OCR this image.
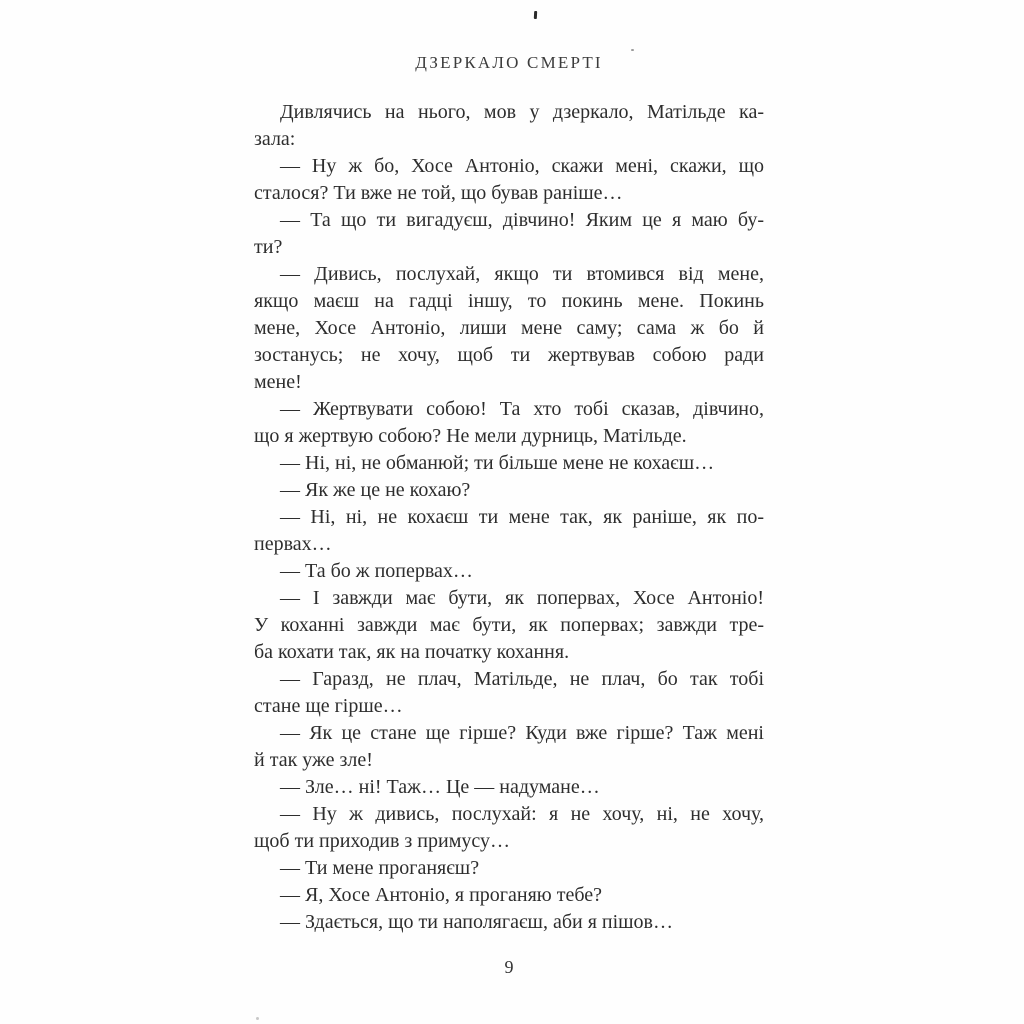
ДЗЕРКАЛО СМЕРТІ
Дивлячись на нього, мов у дзеркало, Матільде ка-
зала:
— Ну ж бо, Хосе Антоніо, скажи мені, скажи, що
сталося? Ти вже не той, що бував раніше…
— Та що ти вигадуєш, дівчино! Яким це я маю бу-
ти?
— Дивись, послухай, якщо ти втомився від мене,
якщо маєш на гадці іншу, то покинь мене. Покинь
мене, Хосе Антоніо, лиши мене саму; сама ж бо й
зостанусь; не хочу, щоб ти жертвував собою ради
мене!
— Жертвувати собою! Та хто тобі сказав, дівчино,
що я жертвую собою? Не мели дурниць, Матільде.
— Ні, ні, не обманюй; ти більше мене не кохаєш…
— Як же це не кохаю?
— Ні, ні, не кохаєш ти мене так, як раніше, як по-
первах…
— Та бо ж попервах…
— І завжди має бути, як попервах, Хосе Антоніо!
У коханні завжди має бути, як попервах; завжди тре-
ба кохати так, як на початку кохання.
— Гаразд, не плач, Матільде, не плач, бо так тобі
стане ще гірше…
— Як це стане ще гірше? Куди вже гірше? Таж мені
й так уже зле!
— Зле… ні! Таж… Це — надумане…
— Ну ж дивись, послухай: я не хочу, ні, не хочу,
щоб ти приходив з примусу…
— Ти мене проганяєш?
— Я, Хосе Антоніо, я проганяю тебе?
— Здається, що ти наполягаєш, аби я пішов…
9
